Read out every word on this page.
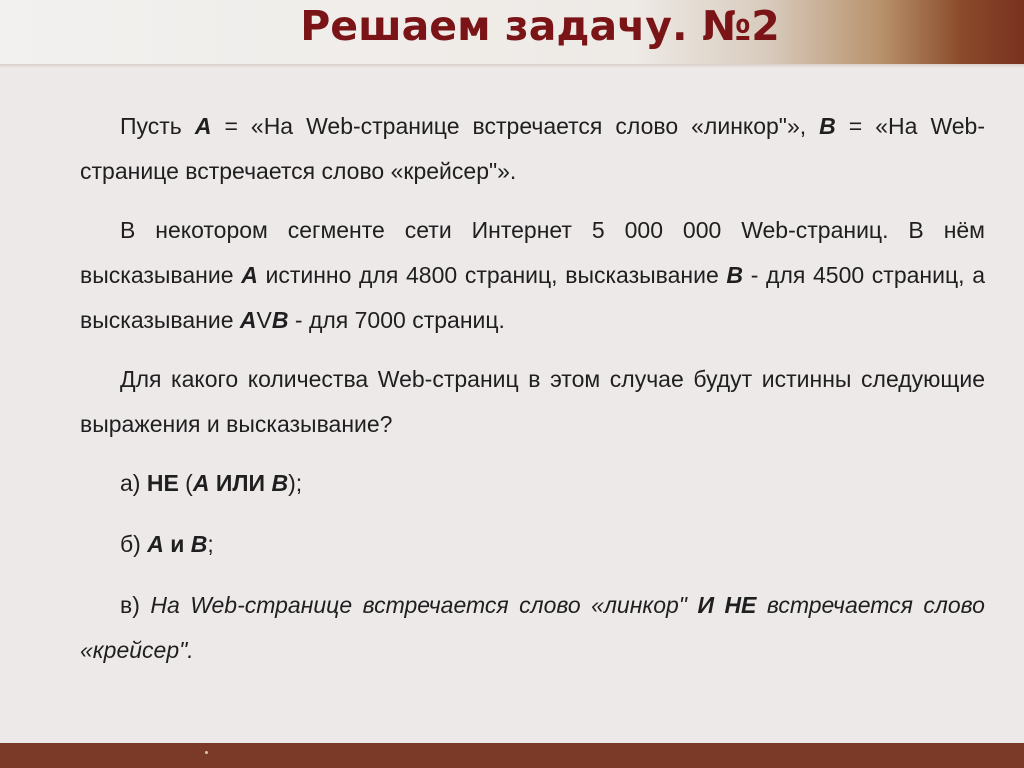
Решаем задачу. №2

Пусть A = «На Web-странице встречается слово «линкор"», B = «На Web-странице встречается слово «крейсер"».

В некотором сегменте сети Интернет 5 000 000 Web-страниц. В нём высказывание A истинно для 4800 страниц, высказывание B - для 4500 страниц, а высказывание AVB - для 7000 страниц.

Для какого количества Web-страниц в этом случае будут истинны следующие выражения и высказывание?

а) НЕ (A ИЛИ B);

б) A и B;

в) На Web-странице встречается слово «линкор" И НЕ встречается слово «крейсер".
